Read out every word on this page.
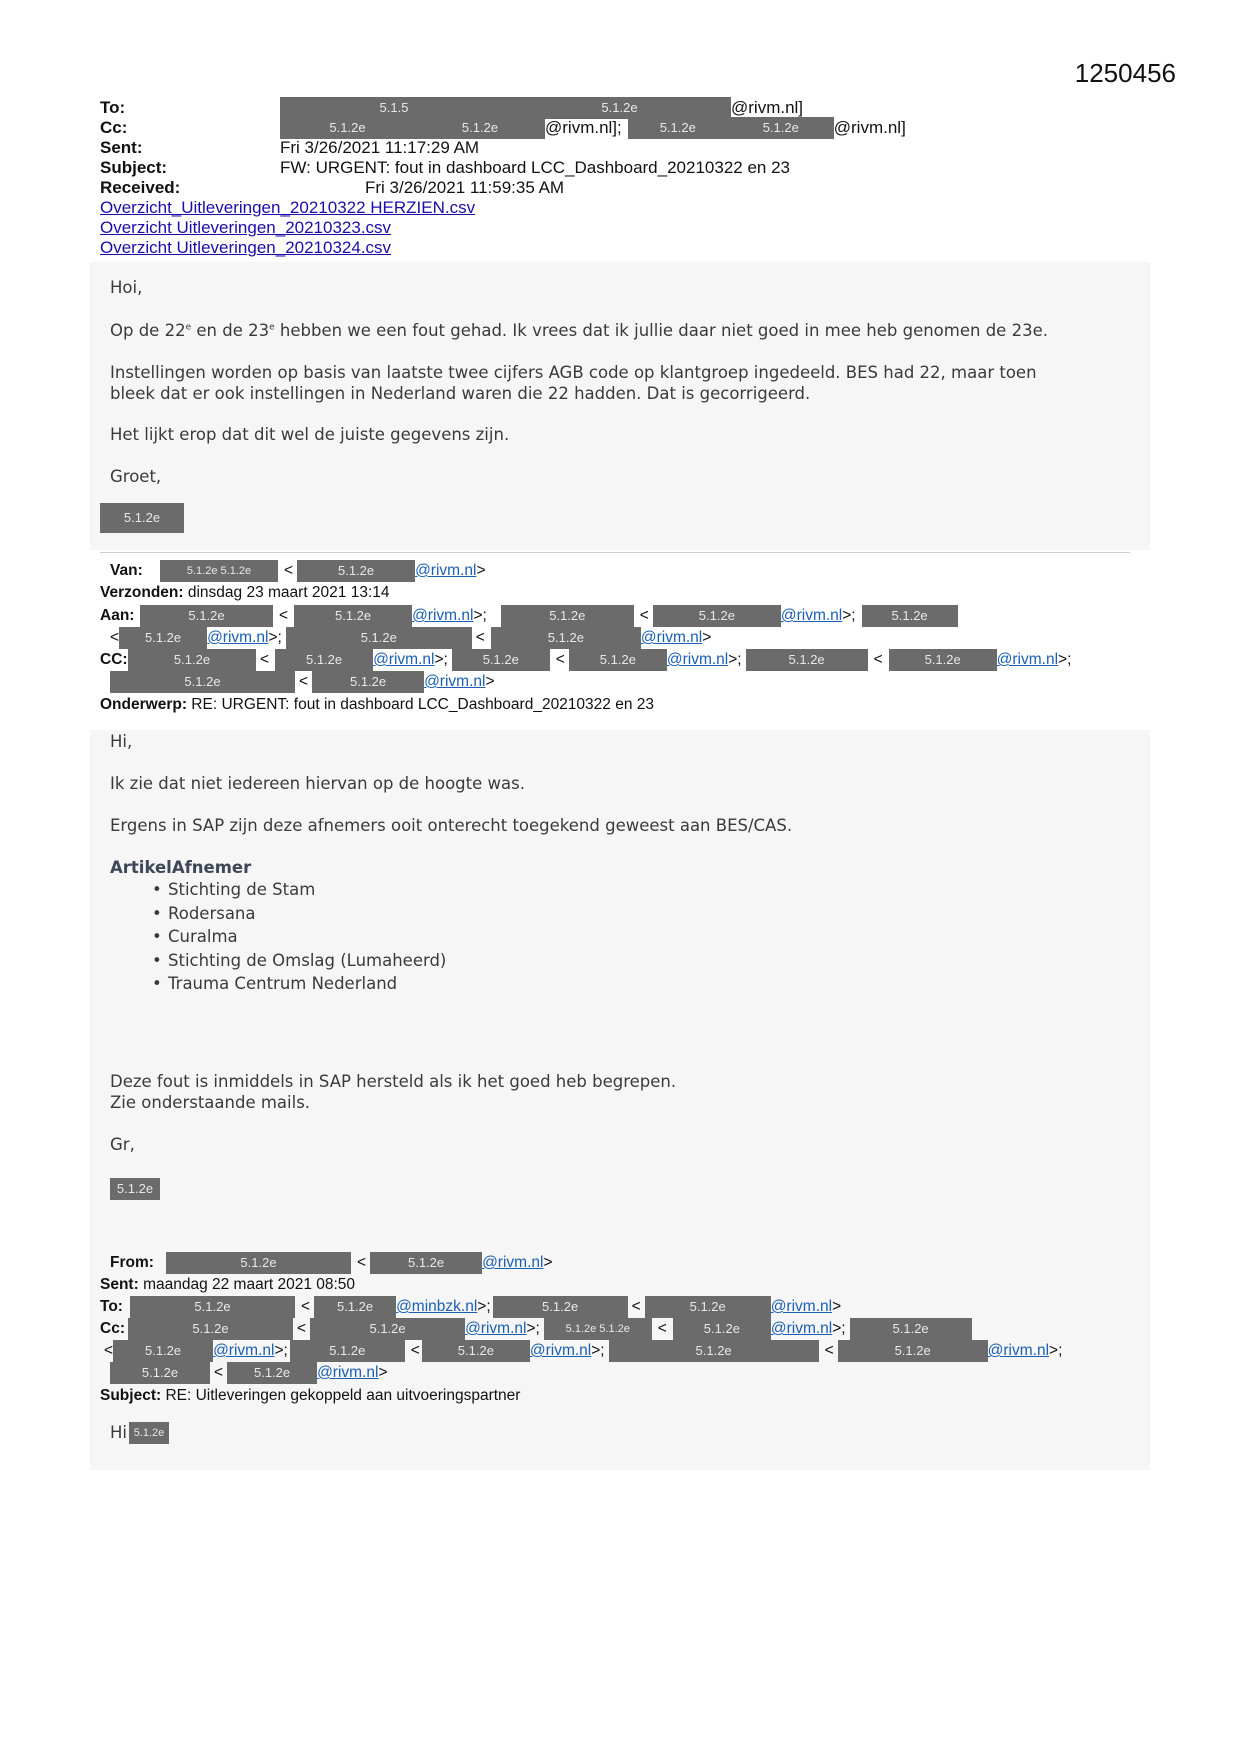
1250456
To:	5.1.5	5.1.2e	@rivm.nl]
Cc:	5.1.2e	5.1.2e	@rivm.nl];	5.1.2e	5.1.2e	@rivm.nl]
Sent:	Fri 3/26/2021 11:17:29 AM
Subject:	FW: URGENT: fout in dashboard LCC_Dashboard_20210322 en 23
Received:	Fri 3/26/2021 11:59:35 AM
Overzicht_Uitleveringen_20210322 HERZIEN.csv
Overzicht Uitleveringen_20210323.csv
Overzicht Uitleveringen_20210324.csv
Hoi,
Op de 22e en de 23e hebben we een fout gehad. Ik vrees dat ik jullie daar niet goed in mee heb genomen de 23e.
Instellingen worden op basis van laatste twee cijfers AGB code op klantgroep ingedeeld. BES had 22, maar toen
bleek dat er ook instellingen in Nederland waren die 22 hadden. Dat is gecorrigeerd.
Het lijkt erop dat dit wel de juiste gegevens zijn.
Groet,
5.1.2e
Van:	5.1.2e 5.1.2e	<	5.1.2e	@rivm.nl >
Verzonden:
dinsdag 23 maart 2021 13:14
Aan:	5.1.2e	<	5.1.2e	@rivm.nl >;	5.1.2e	<	5.1.2e	@rivm.nl >;	5.1.2e
<	5.1.2e	@rivm.nl >;	5.1.2e	<	5.1.2e	@rivm.nl >
CC:	5.1.2e	<	5.1.2e	@rivm.nl >;	5.1.2e	<	5.1.2e	@rivm.nl >;	5.1.2e	<	5.1.2e	@rivm.nl >;
5.1.2e	<	5.1.2e	@rivm.nl >
Onderwerp:
RE: URGENT: fout in dashboard LCC_Dashboard_20210322 en 23
Hi,
Ik zie dat niet iedereen hiervan op de hoogte was.
Ergens in SAP zijn deze afnemers ooit onterecht toegekend geweest aan BES/CAS.
ArtikelAfnemer
• Stichting de Stam
• Rodersana
• Curalma
• Stichting de Omslag (Lumaheerd)
• Trauma Centrum Nederland
Deze fout is inmiddels in SAP hersteld als ik het goed heb begrepen.
Zie onderstaande mails.
Gr,
5.1.2e
From:	5.1.2e	<	5.1.2e	@rivm.nl >
Sent:
maandag 22 maart 2021 08:50
To:	5.1.2e	<	5.1.2e	@minbzk.nl >;	5.1.2e	<	5.1.2e	@rivm.nl >
Cc:	5.1.2e	<	5.1.2e	@rivm.nl >;	5.1.2e 5.1.2e	<	5.1.2e	@rivm.nl >;	5.1.2e
<	5.1.2e	@rivm.nl >;	5.1.2e	<	5.1.2e	@rivm.nl >;	5.1.2e	<	5.1.2e	@rivm.nl >;
5.1.2e	<	5.1.2e	@rivm.nl >
Subject:
RE: Uitleveringen gekoppeld aan uitvoeringspartner
Hi 5.1.2e
